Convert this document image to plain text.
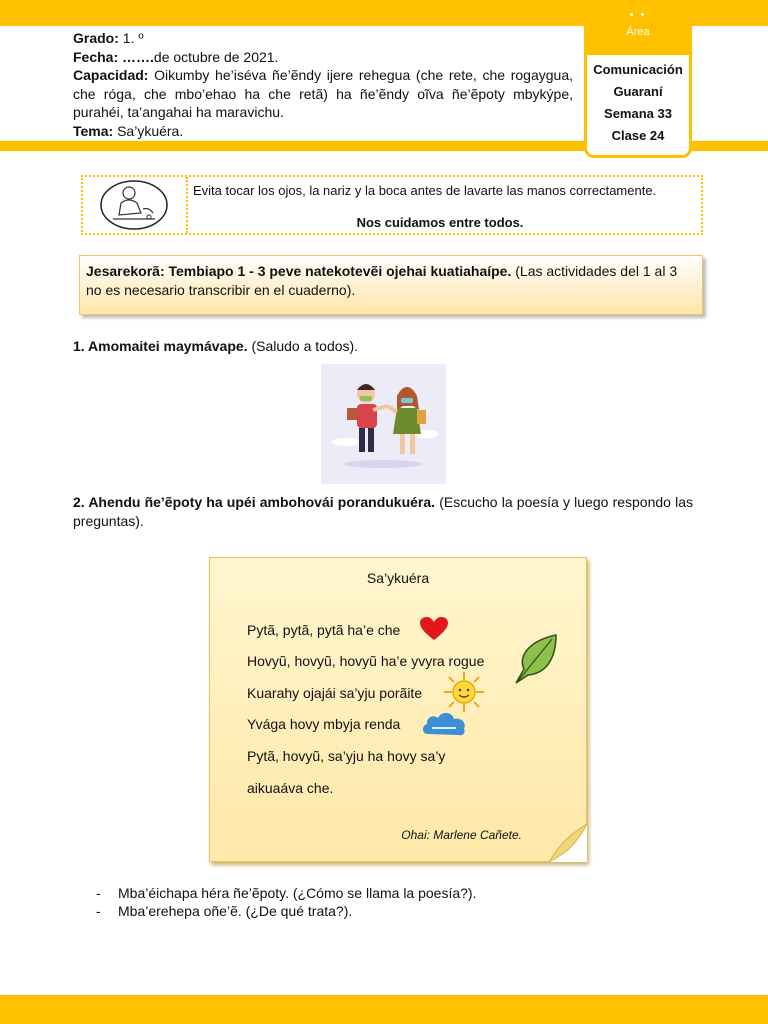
• •
Área
Comunicación
Guaraní
Semana 33
Clase 24
Grado: 1. º
Fecha: …….de octubre de 2021.
Capacidad: Oikumby he’iséva ñe’ẽndy ijere rehegua (che rete, che rogaygua, che róga, che mbo’ehao ha che retã) ha ñe’ẽndy oĩva ñe’ẽpoty mbykýpe, purahéi, ta’angahai ha maravichu.
Tema: Sa’ykuéra.
Evita tocar los ojos, la nariz y la boca antes de lavarte las manos correctamente.
Nos cuidamos entre todos.
Jesarekorã: Tembiapo 1 - 3 peve natekotevẽi ojehai kuatiahaípe. (Las actividades del 1 al 3 no es necesario transcribir en el cuaderno).
1. Amomaitei maymávape. (Saludo a todos).
2. Ahendu ñe’ẽpoty ha upéi ambohovái porandukuéra. (Escucho la poesía y luego respondo las preguntas).
Sa’ykuéra
Pytã, pytã, pytã ha’e che
Hovyũ, hovyũ, hovyũ ha’e yvyra rogue
Kuarahy ojajái sa’yju porãite
Yvága hovy mbyja renda
Pytã, hovyũ, sa’yju ha hovy sa’y
aikuaáva che.
Ohai: Marlene Cañete.
- Mba’éichapa héra ñe’ẽpoty. (¿Cómo se llama la poesía?).
- Mba’erehepa oñe’ẽ. (¿De qué trata?).
